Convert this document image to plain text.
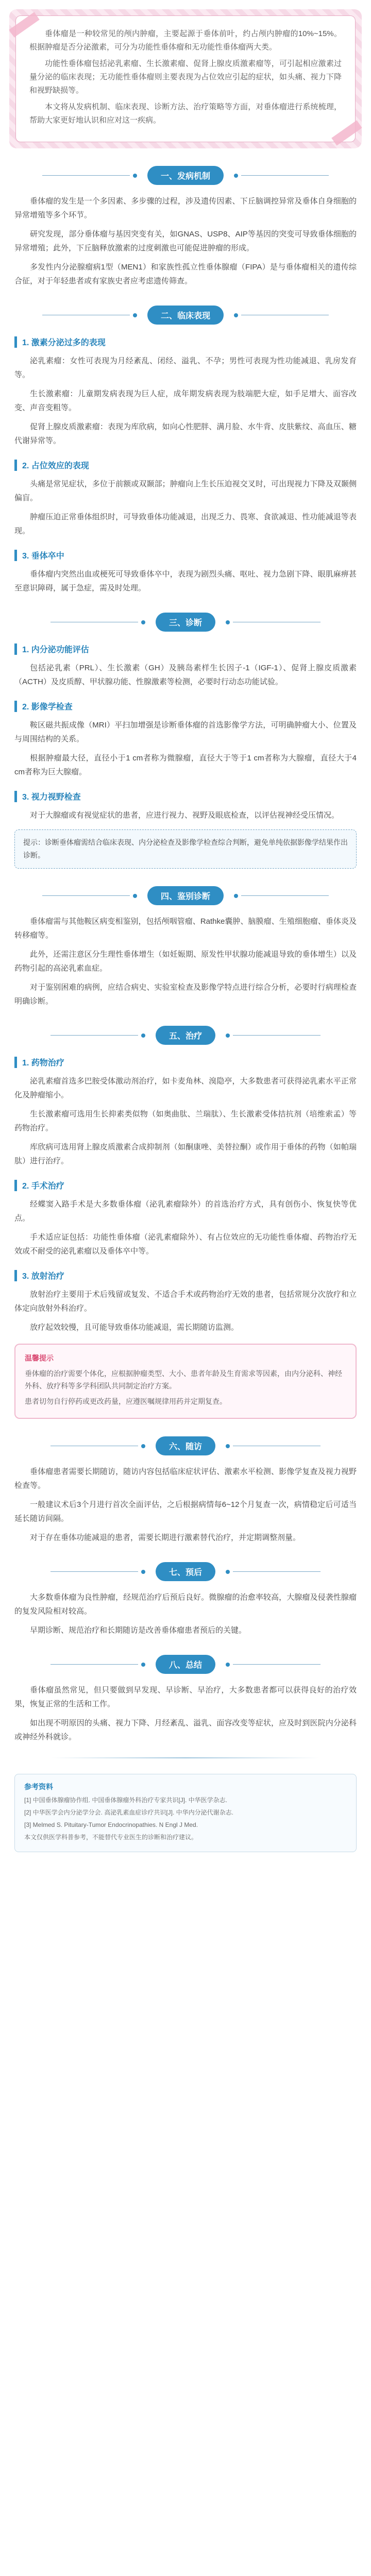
垂体瘤是一种较常见的颅内肿瘤，主要起源于垂体前叶，约占颅内肿瘤的10%~15%。根据肿瘤是否分泌激素，可分为功能性垂体瘤和无功能性垂体瘤两大类。

功能性垂体瘤包括泌乳素瘤、生长激素瘤、促肾上腺皮质激素瘤等，可引起相应激素过量分泌的临床表现；无功能性垂体瘤则主要表现为占位效应引起的症状，如头痛、视力下降和视野缺损等。

本文将从发病机制、临床表现、诊断方法、治疗策略等方面，对垂体瘤进行系统梳理，帮助大家更好地认识和应对这一疾病。

一、发病机制

垂体瘤的发生是一个多因素、多步骤的过程，涉及遗传因素、下丘脑调控异常及垂体自身细胞的异常增殖等多个环节。

研究发现，部分垂体瘤与基因突变有关，如GNAS、USP8、AIP等基因的突变可导致垂体细胞的异常增殖；此外，下丘脑释放激素的过度刺激也可能促进肿瘤的形成。

多发性内分泌腺瘤病1型（MEN1）和家族性孤立性垂体腺瘤（FIPA）是与垂体瘤相关的遗传综合征，对于年轻患者或有家族史者应考虑遗传筛查。

二、临床表现
1. 激素分泌过多的表现

泌乳素瘤：女性可表现为月经紊乱、闭经、溢乳、不孕；男性可表现为性功能减退、乳房发育等。

生长激素瘤：儿童期发病表现为巨人症，成年期发病表现为肢端肥大症，如手足增大、面容改变、声音变粗等。

促肾上腺皮质激素瘤：表现为库欣病，如向心性肥胖、满月脸、水牛背、皮肤紫纹、高血压、糖代谢异常等。

2. 占位效应的表现

头痛是常见症状，多位于前额或双颞部；肿瘤向上生长压迫视交叉时，可出现视力下降及双颞侧偏盲。

肿瘤压迫正常垂体组织时，可导致垂体功能减退，出现乏力、畏寒、食欲减退、性功能减退等表现。

3. 垂体卒中

垂体瘤内突然出血或梗死可导致垂体卒中，表现为剧烈头痛、呕吐、视力急剧下降、眼肌麻痹甚至意识障碍，属于急症，需及时处理。

三、诊断
1. 内分泌功能评估

包括泌乳素（PRL）、生长激素（GH）及胰岛素样生长因子-1（IGF-1）、促肾上腺皮质激素（ACTH）及皮质醇、甲状腺功能、性腺激素等检测，必要时行动态功能试验。

2. 影像学检查

鞍区磁共振成像（MRI）平扫加增强是诊断垂体瘤的首选影像学方法，可明确肿瘤大小、位置及与周围结构的关系。

根据肿瘤最大径，直径小于1 cm者称为微腺瘤，直径大于等于1 cm者称为大腺瘤，直径大于4 cm者称为巨大腺瘤。

3. 视力视野检查

对于大腺瘤或有视觉症状的患者，应进行视力、视野及眼底检查，以评估视神经受压情况。

提示：诊断垂体瘤需结合临床表现、内分泌检查及影像学检查综合判断，避免单纯依据影像学结果作出诊断。

四、鉴别诊断

垂体瘤需与其他鞍区病变相鉴别，包括颅咽管瘤、Rathke囊肿、脑膜瘤、生殖细胞瘤、垂体炎及转移瘤等。

此外，还需注意区分生理性垂体增生（如妊娠期、原发性甲状腺功能减退导致的垂体增生）以及药物引起的高泌乳素血症。

对于鉴别困难的病例，应结合病史、实验室检查及影像学特点进行综合分析，必要时行病理检查明确诊断。

五、治疗
1. 药物治疗

泌乳素瘤首选多巴胺受体激动剂治疗，如卡麦角林、溴隐亭，大多数患者可获得泌乳素水平正常化及肿瘤缩小。

生长激素瘤可选用生长抑素类似物（如奥曲肽、兰瑞肽）、生长激素受体拮抗剂（培维索孟）等药物治疗。

库欣病可选用肾上腺皮质激素合成抑制剂（如酮康唑、美替拉酮）或作用于垂体的药物（如帕瑞肽）进行治疗。

2. 手术治疗

经蝶窦入路手术是大多数垂体瘤（泌乳素瘤除外）的首选治疗方式，具有创伤小、恢复快等优点。

手术适应证包括：功能性垂体瘤（泌乳素瘤除外）、有占位效应的无功能性垂体瘤、药物治疗无效或不耐受的泌乳素瘤以及垂体卒中等。

3. 放射治疗

放射治疗主要用于术后残留或复发、不适合手术或药物治疗无效的患者，包括常规分次放疗和立体定向放射外科治疗。

放疗起效较慢，且可能导致垂体功能减退，需长期随访监测。

温馨提示

垂体瘤的治疗需要个体化，应根据肿瘤类型、大小、患者年龄及生育需求等因素，由内分泌科、神经外科、放疗科等多学科团队共同制定治疗方案。

患者切勿自行停药或更改药量，应遵医嘱规律用药并定期复查。

六、随访

垂体瘤患者需要长期随访，随访内容包括临床症状评估、激素水平检测、影像学复查及视力视野检查等。

一般建议术后3个月进行首次全面评估，之后根据病情每6~12个月复查一次，病情稳定后可适当延长随访间隔。

对于存在垂体功能减退的患者，需要长期进行激素替代治疗，并定期调整剂量。

七、预后

大多数垂体瘤为良性肿瘤，经规范治疗后预后良好。微腺瘤的治愈率较高，大腺瘤及侵袭性腺瘤的复发风险相对较高。

早期诊断、规范治疗和长期随访是改善垂体瘤患者预后的关键。

八、总结

垂体瘤虽然常见，但只要做到早发现、早诊断、早治疗，大多数患者都可以获得良好的治疗效果，恢复正常的生活和工作。

如出现不明原因的头痛、视力下降、月经紊乱、溢乳、面容改变等症状，应及时到医院内分泌科或神经外科就诊。

参考资料

[1] 中国垂体腺瘤协作组. 中国垂体腺瘤外科治疗专家共识[J]. 中华医学杂志.

[2] 中华医学会内分泌学分会. 高泌乳素血症诊疗共识[J]. 中华内分泌代谢杂志.

[3] Melmed S. Pituitary-Tumor Endocrinopathies. N Engl J Med.

本文仅供医学科普参考，不能替代专业医生的诊断和治疗建议。
